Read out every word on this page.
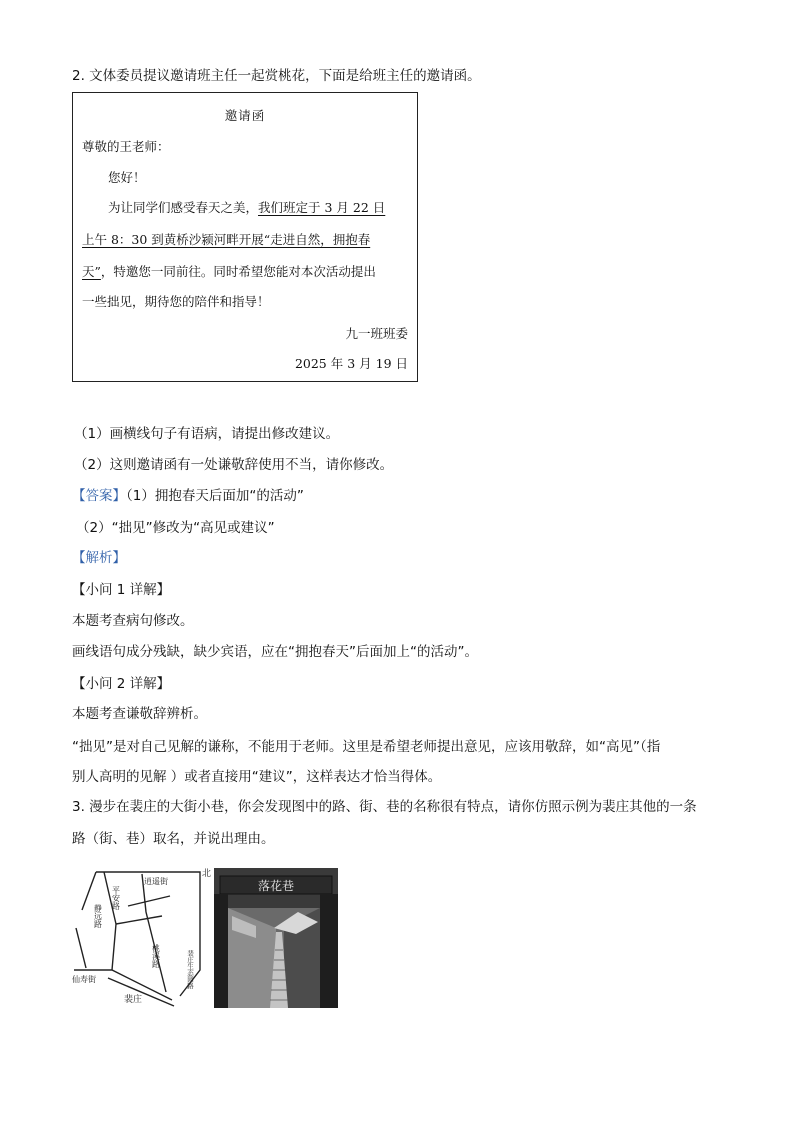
2. 文体委员提议邀请班主任一起赏桃花，下面是给班主任的邀请函。
邀请函
尊敬的王老师：
您好！
为让同学们感受春天之美，我们班定于 3 月 22 日
上午 8：30 到黄桥沙颍河畔开展“走进自然，拥抱春
天”，特邀您一同前往。同时希望您能对本次活动提出
一些拙见，期待您的陪伴和指导！
九一班班委
2025 年 3 月 19 日
（1）画横线句子有语病，请提出修改建议。
（2）这则邀请函有一处谦敬辞使用不当，请你修改。
【答案】（1）拥抱春天后面加“的活动”
（2）“拙见”修改为“高见或建议”
【解析】
【小问 1 详解】
本题考查病句修改。
画线语句成分残缺，缺少宾语，应在“拥抱春天”后面加上“的活动”。
【小问 2 详解】
本题考查谦敬辞辨析。
“拙见”是对自己见解的谦称，不能用于老师。这里是希望老师提出意见，应该用敬辞，如“高见”（指
别人高明的见解 ）或者直接用“建议”，这样表达才恰当得体。
3. 漫步在裴庄的大街小巷，你会发现图中的路、街、巷的名称很有特点，请你仿照示例为裴庄其他的一条
路（街、巷）取名，并说出理由。
北
逍遥街
平安路
静远路
桃溪路	裴庄生态园路
仙寿街
裴庄
落花巷
